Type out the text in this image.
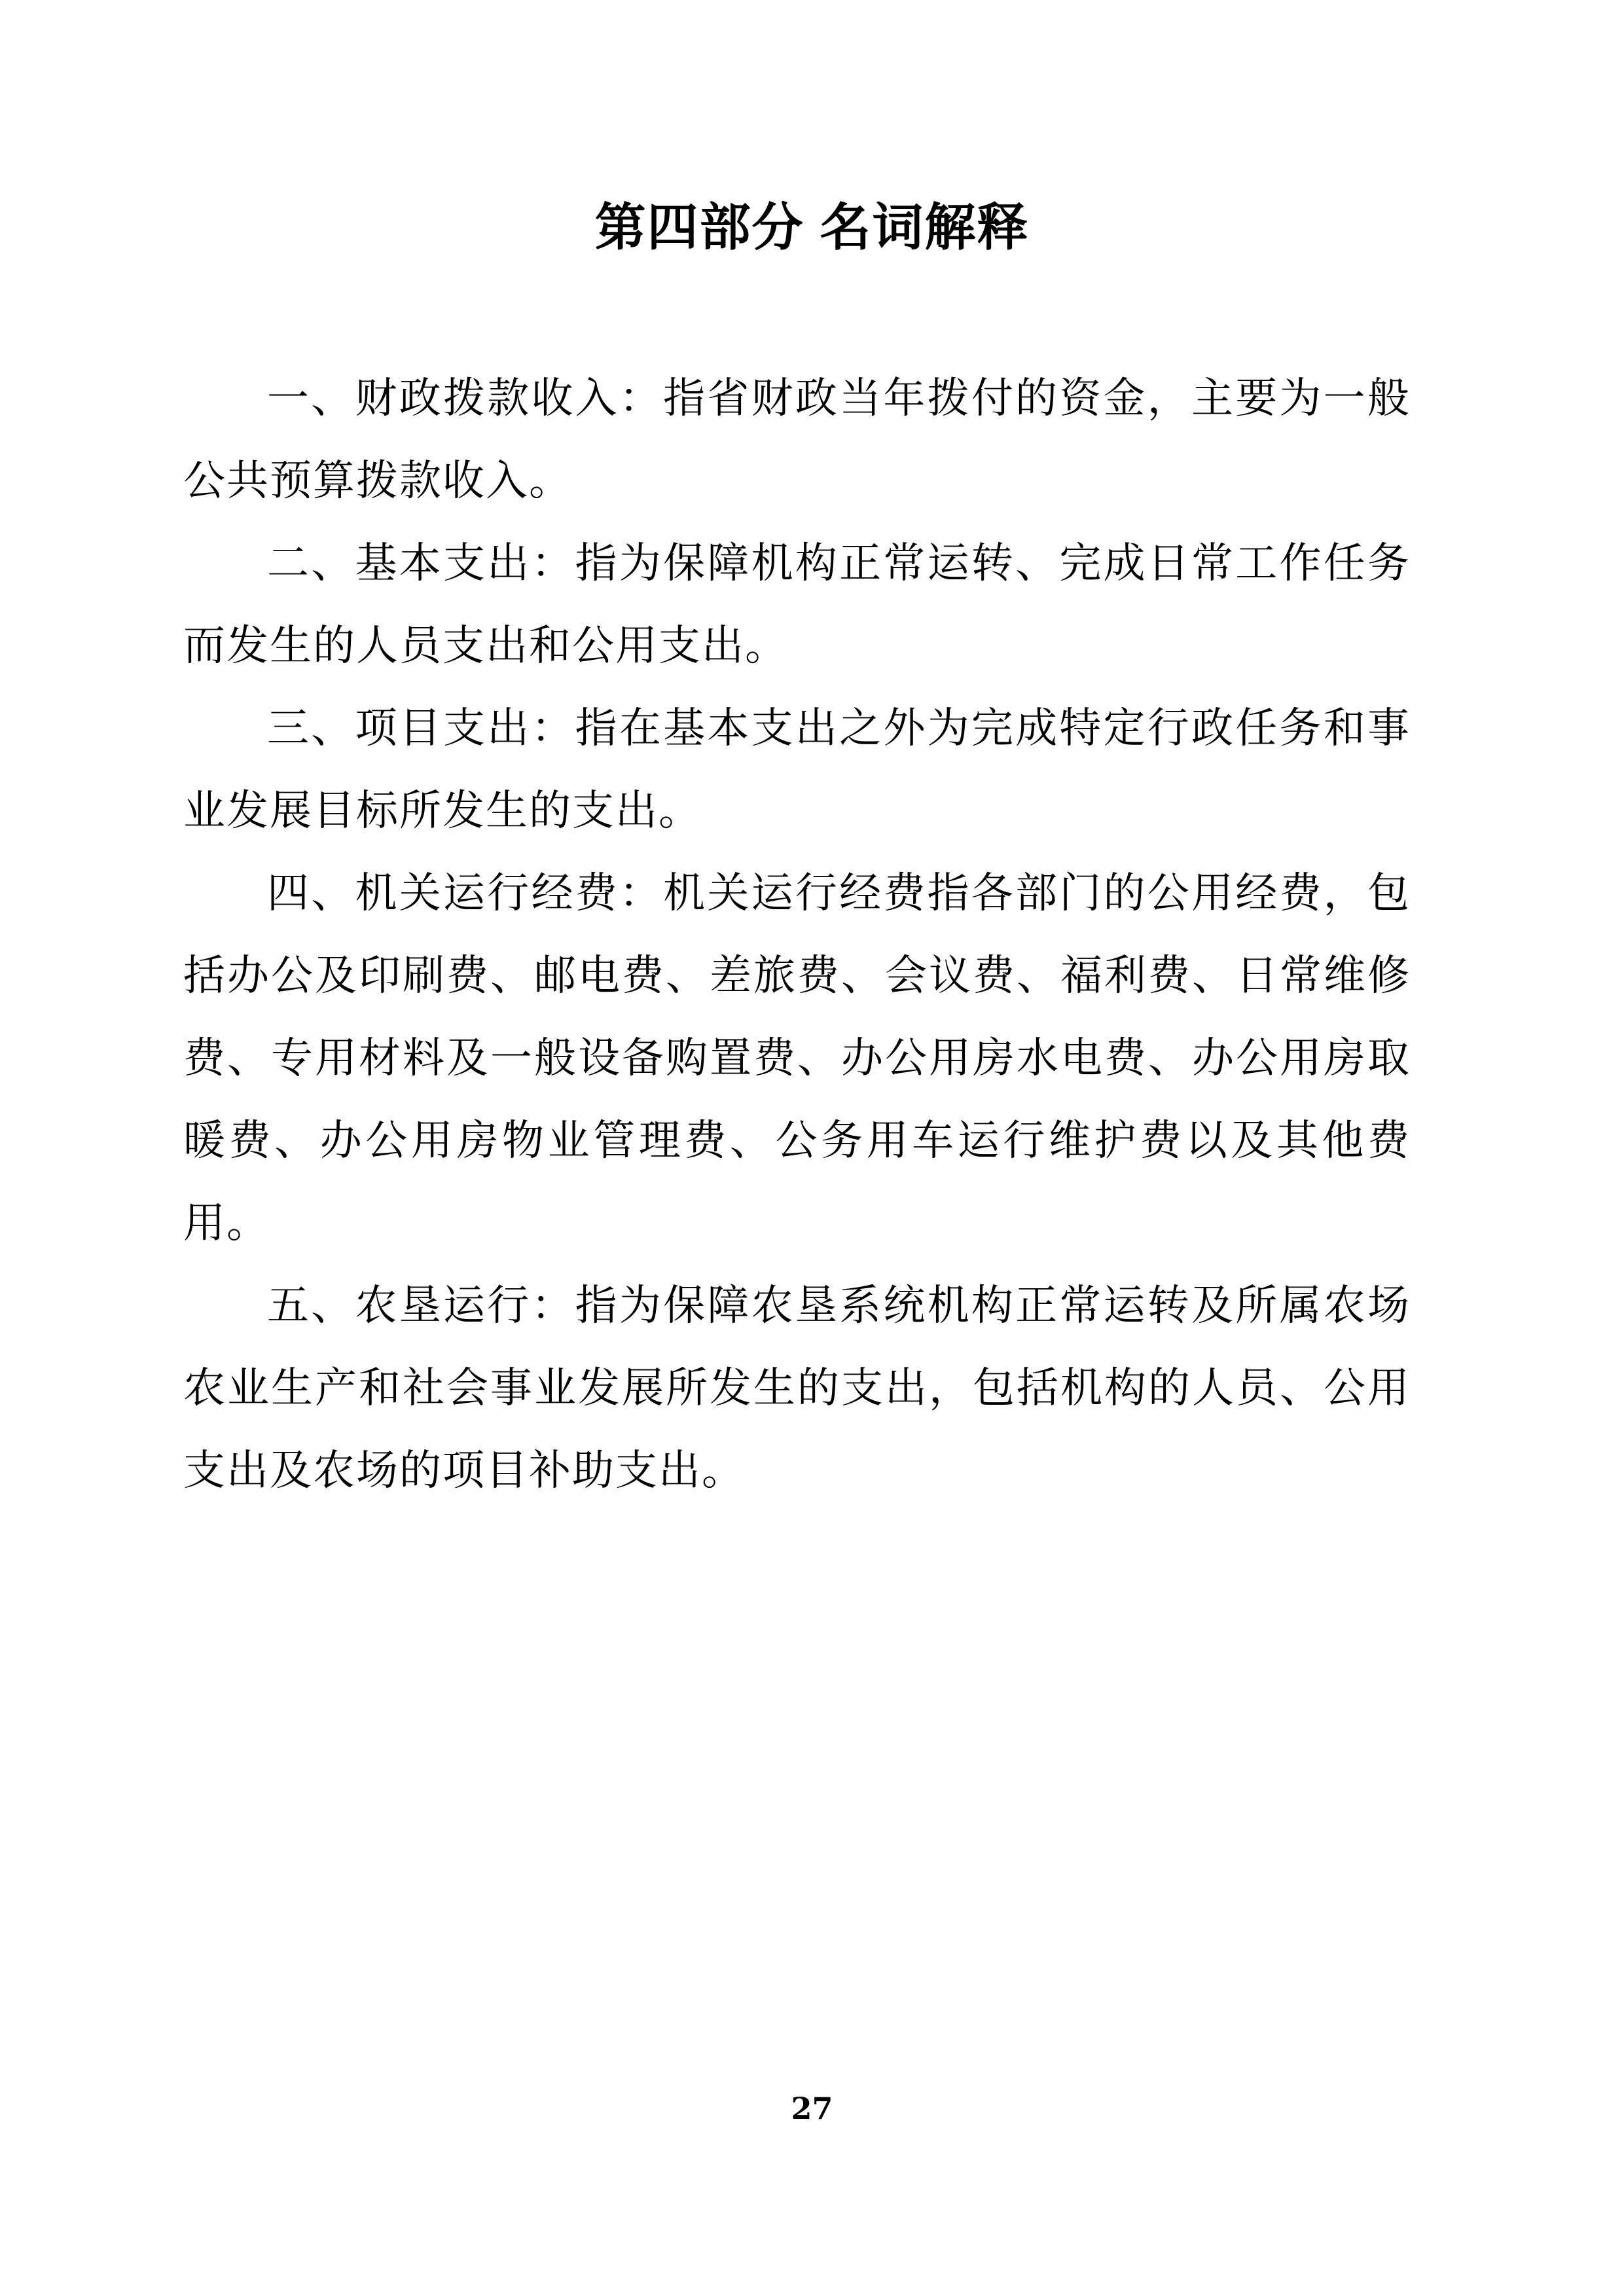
第四部分 名词解释

一、财政拨款收入：指省财政当年拨付的资金，主要为一般公共预算拨款收入。

二、基本支出：指为保障机构正常运转、完成日常工作任务而发生的人员支出和公用支出。

三、项目支出：指在基本支出之外为完成特定行政任务和事业发展目标所发生的支出。

四、机关运行经费：机关运行经费指各部门的公用经费，包括办公及印刷费、邮电费、差旅费、会议费、福利费、日常维修费、专用材料及一般设备购置费、办公用房水电费、办公用房取暖费、办公用房物业管理费、公务用车运行维护费以及其他费用。

五、农垦运行：指为保障农垦系统机构正常运转及所属农场农业生产和社会事业发展所发生的支出，包括机构的人员、公用支出及农场的项目补助支出。

27
